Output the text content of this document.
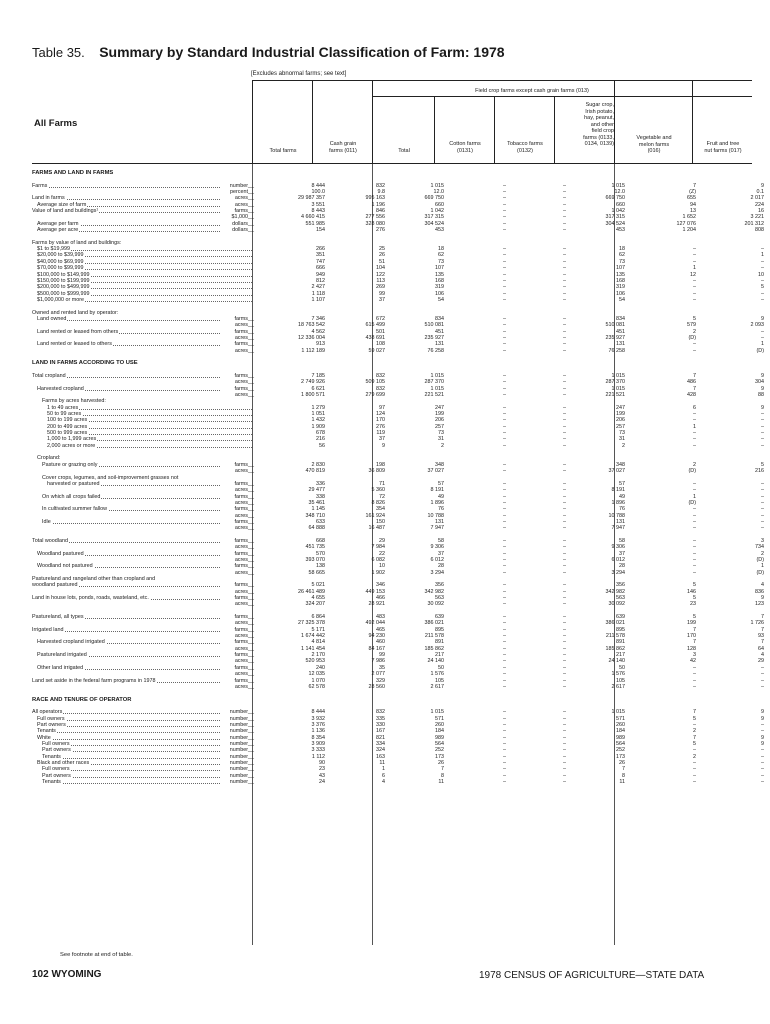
Table 35. Summary by Standard Industrial Classification of Farm: 1978
[Excludes abnormal farms; see text]
Field crop farms except cash grain farms (013)
Total farms
Cash grain
farms (011)	Total
Cotton farms
(0131)
Tobacco farms
(0132)
Sugar crop,
Irish potato,
hay, peanut,
and other
field crop
farms (0133,
0134, 0139)
Vegetable and
melon farms
(016)
Fruit and tree
nut farms (017)
All Farms
FARMS AND LAND IN FARMS
Farms	number__	8 444	832	1 015	–	–	1 015	7	9
percent__	100.0	9.8	12.0	–	–	12.0	(Z)	0.1
Land in farms	acres__	29 987 357	995 163	669 750	–	–	669 750	655	2 017
Average size of farm	acres__	3 551	1 196	660	–	–	660	94	224
Value of land and buildings¹	farms__	8 443	846	1 042	–	–	1 042	13	16
$1,000__	4 660 415	277 556	317 315	–	–	317 315	1 652	3 221
Average per farm	dollars__	551 985	328 080	304 524	–	–	304 524	127 076	201 312
Average per acre	dollars__	154	276	453	–	–	453	1 204	808
Farms by value of land and buildings:
$1 to $19,999	266	25	18	–	–	18	–	–
$20,000 to $39,999	351	26	62	–	–	62	–	1
$40,000 to $69,999	747	51	73	–	–	73	–	–
$70,000 to $99,999	666	104	107	–	–	107	1	–
$100,000 to $149,999	949	122	135	–	–	135	12	10
$150,000 to $199,999	812	113	168	–	–	168	–	–
$200,000 to $499,999	2 427	269	319	–	–	319	–	5
$500,000 to $999,999	1 118	99	106	–	–	106	–	–
$1,000,000 or more	1 107	37	54	–	–	54	–	–
Owned and rented land by operator:
Land owned	farms__	7 346	672	834	–	–	834	5	9
acres__	18 763 542	615 499	510 081	–	–	510 081	579	2 093
Land rented or leased from others	farms__	4 562	501	451	–	–	451	2	–
acres__	12 336 004	438 691	235 927	–	–	235 927	(D)	–
Land rented or leased to others	farms__	913	108	131	–	–	131	–	1
acres__	1 112 189	59 027	76 258	–	–	76 258	–	(D)
LAND IN FARMS ACCORDING TO USE
Total cropland	farms__	7 185	832	1 015	–	–	1 015	7	9
acres__	2 749 926	509 105	287 370	–	–	287 370	486	304
Harvested cropland	farms__	6 621	832	1 015	–	–	1 015	7	9
acres__	1 800 571	279 699	221 521	–	–	221 521	428	88
Farms by acres harvested:
1 to 49 acres	1 279	97	247	–	–	247	6	9
50 to 99 acres	1 051	124	199	–	–	199	–	–
100 to 199 acres	1 432	170	206	–	–	206	–	–
200 to 499 acres	1 909	276	257	–	–	257	1	–
500 to 999 acres	678	119	73	–	–	73	–	–
1,000 to 1,999 acres	216	37	31	–	–	31	–	–
2,000 acres or more	56	9	2	–	–	2	–	–
Cropland:
Pasture or grazing only	farms__	2 830	198	348	–	–	348	2	5
acres__	470 819	36 809	37 027	–	–	37 027	(D)	216
Cover crops, legumes, and soil-improvement grasses not
harvested or pastured	farms__	336	71	57	–	–	57	–	–
acres__	29 477	5 360	8 191	–	–	8 191	–	–
On which all crops failed	farms__	338	72	49	–	–	49	1	–
acres__	35 461	8 826	1 896	–	–	1 896	(D)	–
In cultivated summer fallow	farms__	1 145	354	76	–	–	76	–	–
acres__	348 710	161 924	10 788	–	–	10 788	–	–
Idle	farms__	633	150	131	–	–	131	–	–
acres__	64 888	16 487	7 947	–	–	7 947	–	–
Total woodland	farms__	668	29	58	–	–	58	–	3
acres__	451 735	7 984	9 306	–	–	9 306	–	734
Woodland pastured	farms__	570	22	37	–	–	37	–	2
acres__	393 070	6 082	6 012	–	–	6 012	–	(D)
Woodland not pastured	farms__	138	10	28	–	–	28	–	1
acres__	58 665	1 902	3 294	–	–	3 294	–	(D)
Pastureland and rangeland other than cropland and
woodland pastured	farms__	5 021	346	356	–	–	356	5	4
acres__	26 461 489	449 153	342 982	–	–	342 982	146	836
Land in house lots, ponds, roads, wasteland, etc.	farms__	4 655	466	563	–	–	563	5	9
acres__	324 207	28 921	30 092	–	–	30 092	23	123
Pastureland, all types	farms__	6 864	483	639	–	–	639	5	7
acres__	27 325 378	492 044	386 021	–	–	386 021	199	1 726
Irrigated land	farms__	5 171	465	895	–	–	895	7	7
acres__	1 674 442	94 230	211 578	–	–	211 578	170	93
Harvested cropland irrigated	farms__	4 814	460	891	–	–	891	7	7
acres__	1 141 454	84 167	185 862	–	–	185 862	128	64
Pastureland irrigated	farms__	2 170	99	217	–	–	217	3	4
acres__	520 953	7 986	24 140	–	–	24 140	42	29
Other land irrigated	farms__	240	35	50	–	–	50	–	–
acres__	12 035	2 077	1 576	–	–	1 576	–	–
Land set aside in the federal farm programs in 1978	farms__	1 070	329	105	–	–	105	–	–
acres__	62 578	28 560	2 617	–	–	2 617	–	–
RACE AND TENURE OF OPERATOR
All operators	number__	8 444	832	1 015	–	–	1 015	7	9
Full owners	number__	3 932	335	571	–	–	571	5	9
Part owners	number__	3 376	330	260	–	–	260	–	–
Tenants	number__	1 136	167	184	–	–	184	2	–
White	number__	8 354	821	989	–	–	989	7	9
Full owners	number__	3 909	334	564	–	–	564	5	9
Part owners	number__	3 333	324	252	–	–	252	–	–
Tenants	number__	1 112	163	173	–	–	173	2	–
Black and other races	number__	90	11	26	–	–	26	–	–
Full owners	number__	23	1	7	–	–	7	–	–
Part owners	number__	43	6	8	–	–	8	–	–
Tenants	number__	24	4	11	–	–	11	–	–
See footnote at end of table.
102 WYOMING	1978 CENSUS OF AGRICULTURE—STATE DATA
